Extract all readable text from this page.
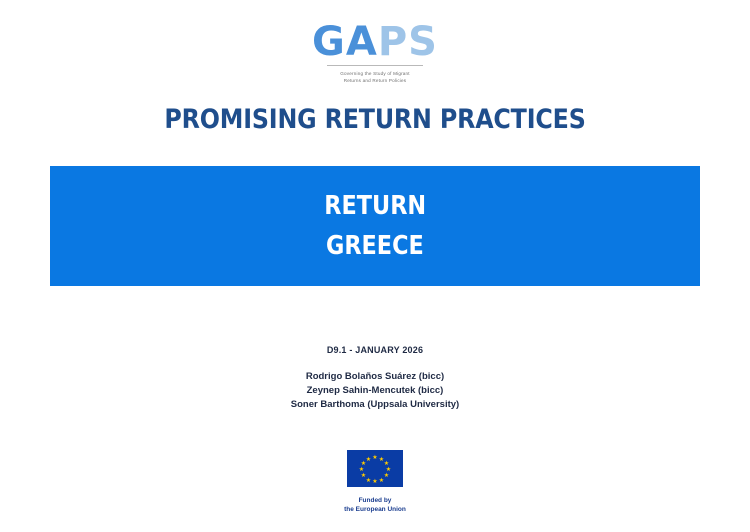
GAPS
Governing the Study of Migrant
Returns and Return Policies
PROMISING RETURN PRACTICES
RETURN
GREECE
D9.1 - JANUARY 2026
Rodrigo Bolaños Suárez (bicc)
Zeynep Sahin-Mencutek (bicc)
Soner Barthoma (Uppsala University)
★ ★
★
★
★
★
★
★
★
★
★
★
Funded by
the European Union
